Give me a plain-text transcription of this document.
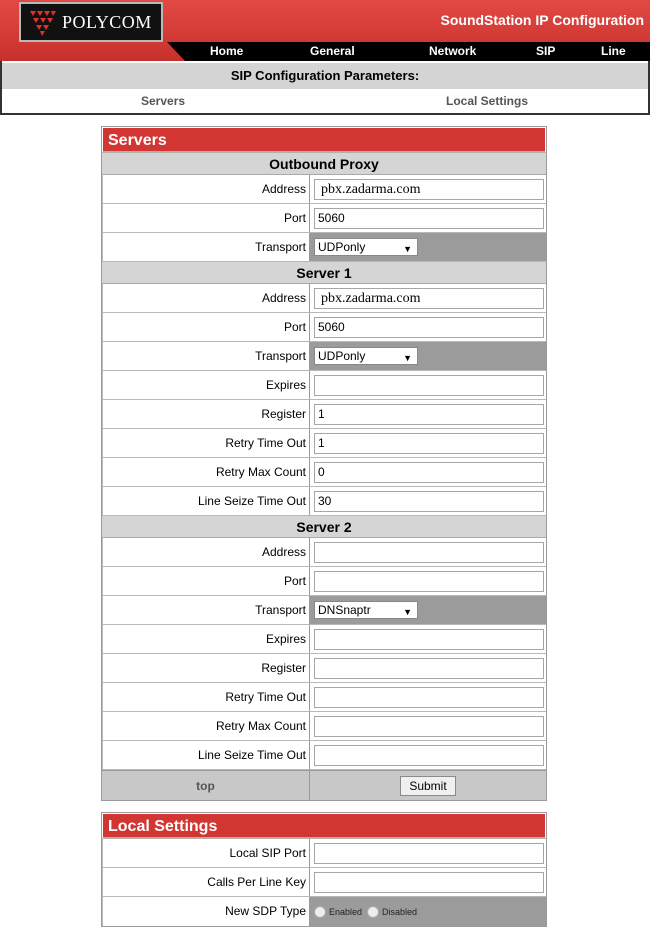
POLYCOM	SoundStation IP Configuration
Home	General	Network	SIP	Line
SIP Configuration Parameters:
Servers	Local Settings
Servers
Outbound Proxy
Address	pbx.zadarma.com
Port	5060
Transport	UDPonly	▼
Server 1
Address	pbx.zadarma.com
Port	5060
Transport	UDPonly	▼
Expires
Register	1
Retry Time Out	1
Retry Max Count	0
Line Seize Time Out	30
Server 2
Address
Port
Transport	DNSnaptr	▼
Expires
Register
Retry Time Out
Retry Max Count
Line Seize Time Out
top	Submit
Local Settings
Local SIP Port
Calls Per Line Key
New SDP Type	Enabled Disabled
